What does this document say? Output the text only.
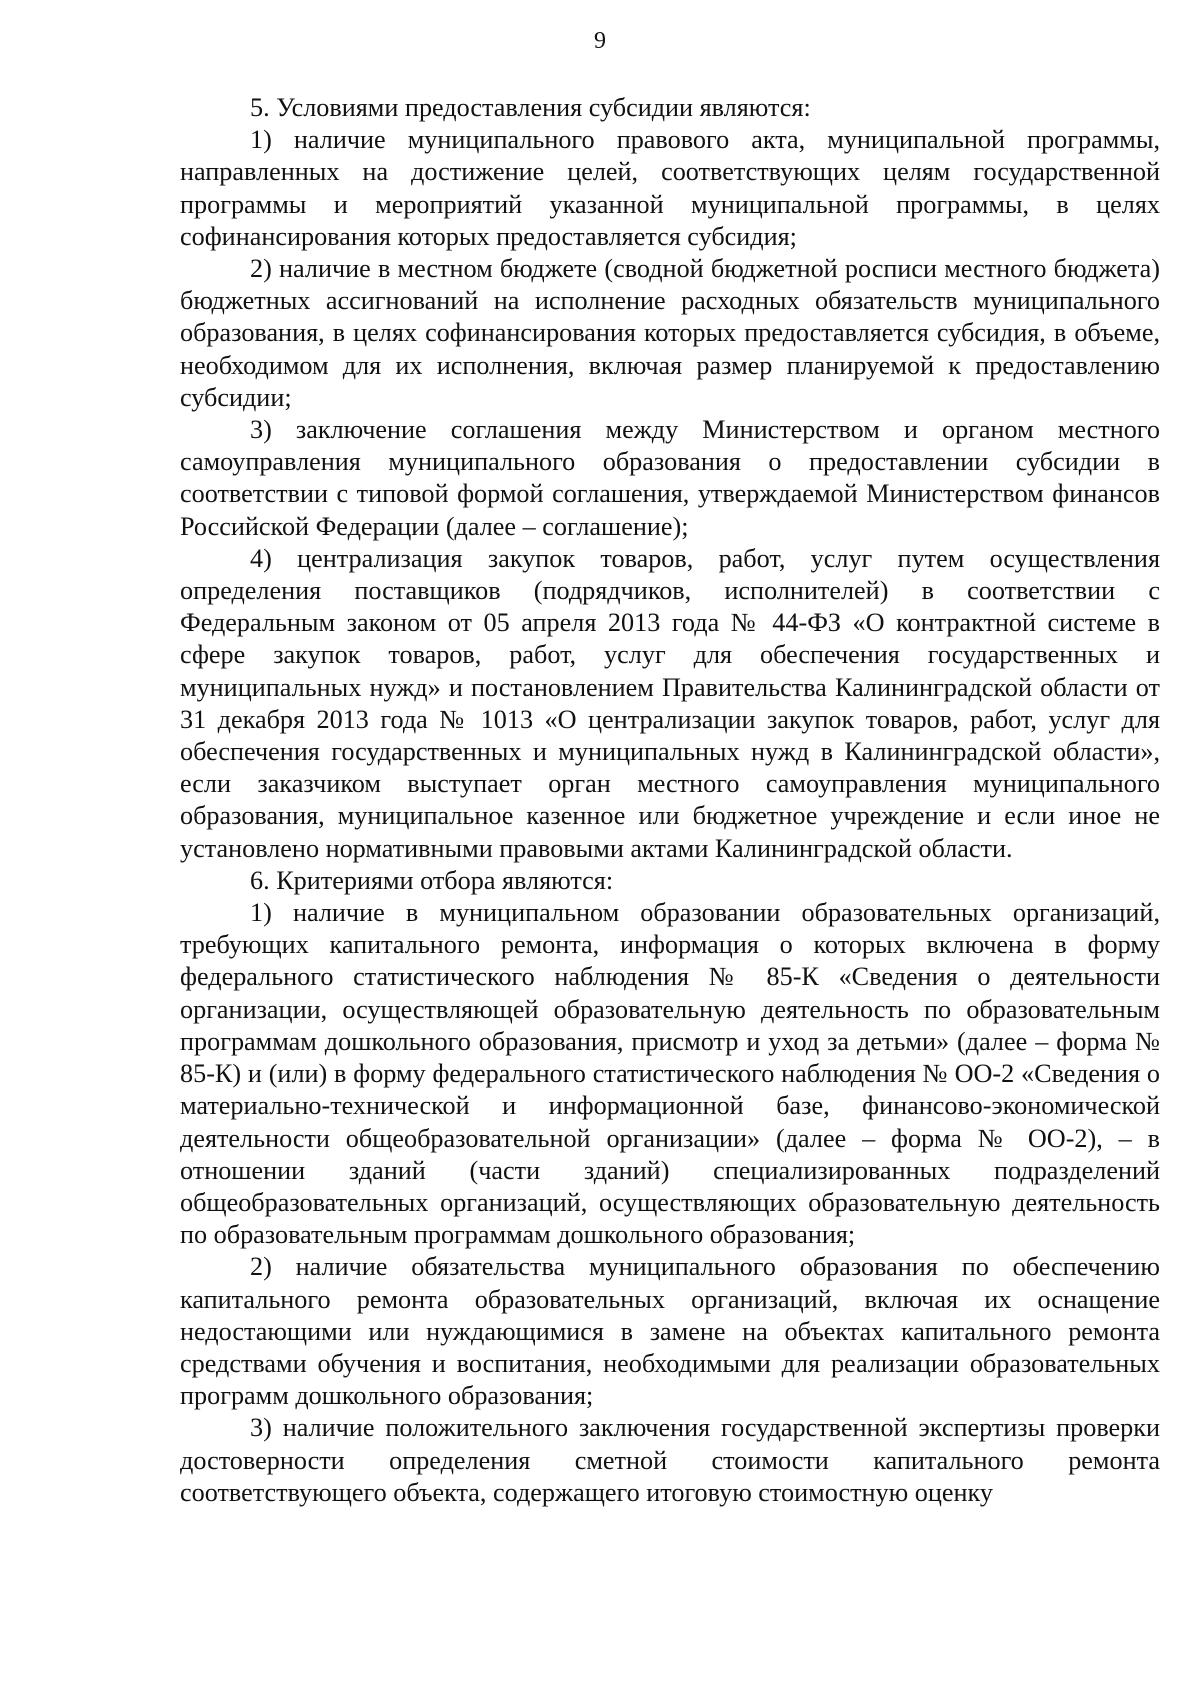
9

5. Условиями предоставления субсидии являются:

1) наличие муниципального правового акта, муниципальной программы, направленных на достижение целей, соответствующих целям государственной программы и мероприятий указанной муниципальной программы, в целях софинансирования которых предоставляется субсидия;

2) наличие в местном бюджете (сводной бюджетной росписи местного бюджета) бюджетных ассигнований на исполнение расходных обязательств муниципального образования, в целях софинансирования которых предоставляется субсидия, в объеме, необходимом для их исполнения, включая размер планируемой к предоставлению субсидии;

3) заключение соглашения между Министерством и органом местного самоуправления муниципального образования о предоставлении субсидии в соответствии с типовой формой соглашения, утверждаемой Министерством финансов Российской Федерации (далее – соглашение);

4) централизация закупок товаров, работ, услуг путем осуществления определения поставщиков (подрядчиков, исполнителей) в соответствии с Федеральным законом от 05 апреля 2013 года № 44-ФЗ «О контрактной системе в сфере закупок товаров, работ, услуг для обеспечения государственных и муниципальных нужд» и постановлением Правительства Калининградской области от 31 декабря 2013 года № 1013 «О централизации закупок товаров, работ, услуг для обеспечения государственных и муниципальных нужд в Калининградской области», если заказчиком выступает орган местного самоуправления муниципального образования, муниципальное казенное или бюджетное учреждение и если иное не установлено нормативными правовыми актами Калининградской области.

6. Критериями отбора являются:

1) наличие в муниципальном образовании образовательных организаций, требующих капитального ремонта, информация о которых включена в форму федерального статистического наблюдения № 85-К «Сведения о деятельности организации, осуществляющей образовательную деятельность по образовательным программам дошкольного образования, присмотр и уход за детьми» (далее – форма № 85-К) и (или) в форму федерального статистического наблюдения № ОО-2 «Сведения о материально-технической и информационной базе, финансово-экономической деятельности общеобразовательной организации» (далее – форма № ОО-2), – в отношении зданий (части зданий) специализированных подразделений общеобразовательных организаций, осуществляющих образовательную деятельность по образовательным программам дошкольного образования;

2) наличие обязательства муниципального образования по обеспечению капитального ремонта образовательных организаций, включая их оснащение недостающими или нуждающимися в замене на объектах капитального ремонта средствами обучения и воспитания, необходимыми для реализации образовательных программ дошкольного образования;

3) наличие положительного заключения государственной экспертизы проверки достоверности определения сметной стоимости капитального ремонта соответствующего объекта, содержащего итоговую стоимостную оценку
